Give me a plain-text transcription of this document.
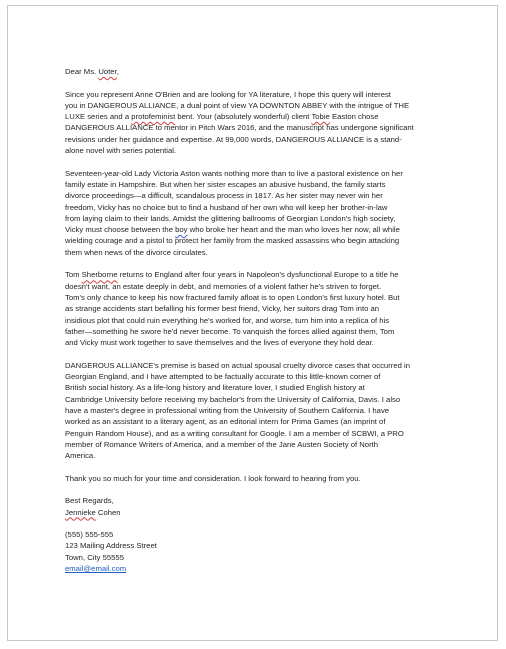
Dear Ms. Uoter,

Since you represent Anne O'Brien and are looking for YA literature, I hope this query will interest
you in DANGEROUS ALLIANCE, a dual point of view YA DOWNTON ABBEY with the intrigue of THE
LUXE series and a protofeminist bent. Your (absolutely wonderful) client Tobie Easton chose
DANGEROUS ALLIANCE to mentor in Pitch Wars 2016, and the manuscript has undergone significant
revisions under her guidance and expertise. At 99,000 words, DANGEROUS ALLIANCE is a stand-
alone novel with series potential.

Seventeen-year-old Lady Victoria Aston wants nothing more than to live a pastoral existence on her
family estate in Hampshire. But when her sister escapes an abusive husband, the family starts
divorce proceedings—a difficult, scandalous process in 1817. As her sister may never win her
freedom, Vicky has no choice but to find a husband of her own who will keep her brother-in-law
from laying claim to their lands. Amidst the glittering ballrooms of Georgian London's high society,
Vicky must choose between the boy who broke her heart and the man who loves her now, all while
wielding courage and a pistol to protect her family from the masked assassins who begin attacking
them when news of the divorce circulates.

Tom Sherborne returns to England after four years in Napoleon's dysfunctional Europe to a title he
doesn't want, an estate deeply in debt, and memories of a violent father he's striven to forget.
Tom's only chance to keep his now fractured family afloat is to open London's first luxury hotel. But
as strange accidents start befalling his former best friend, Vicky, her suitors drag Tom into an
insidious plot that could ruin everything he's worked for, and worse, turn him into a replica of his
father—something he swore he'd never become. To vanquish the forces allied against them, Tom
and Vicky must work together to save themselves and the lives of everyone they hold dear.

DANGEROUS ALLIANCE's premise is based on actual spousal cruelty divorce cases that occurred in
Georgian England, and I have attempted to be factually accurate to this little-known corner of
British social history. As a life-long history and literature lover, I studied English history at
Cambridge University before receiving my bachelor's from the University of California, Davis. I also
have a master's degree in professional writing from the University of Southern California. I have
worked as an assistant to a literary agent, as an editorial intern for Prima Games (an imprint of
Penguin Random House), and as a writing consultant for Google. I am a member of SCBWI, a PRO
member of Romance Writers of America, and a member of the Jane Austen Society of North
America.

Thank you so much for your time and consideration. I look forward to hearing from you.

Best Regards,
Jennieke Cohen

(555) 555-555
123 Mailing Address Street
Town, City 55555
email@email.com
